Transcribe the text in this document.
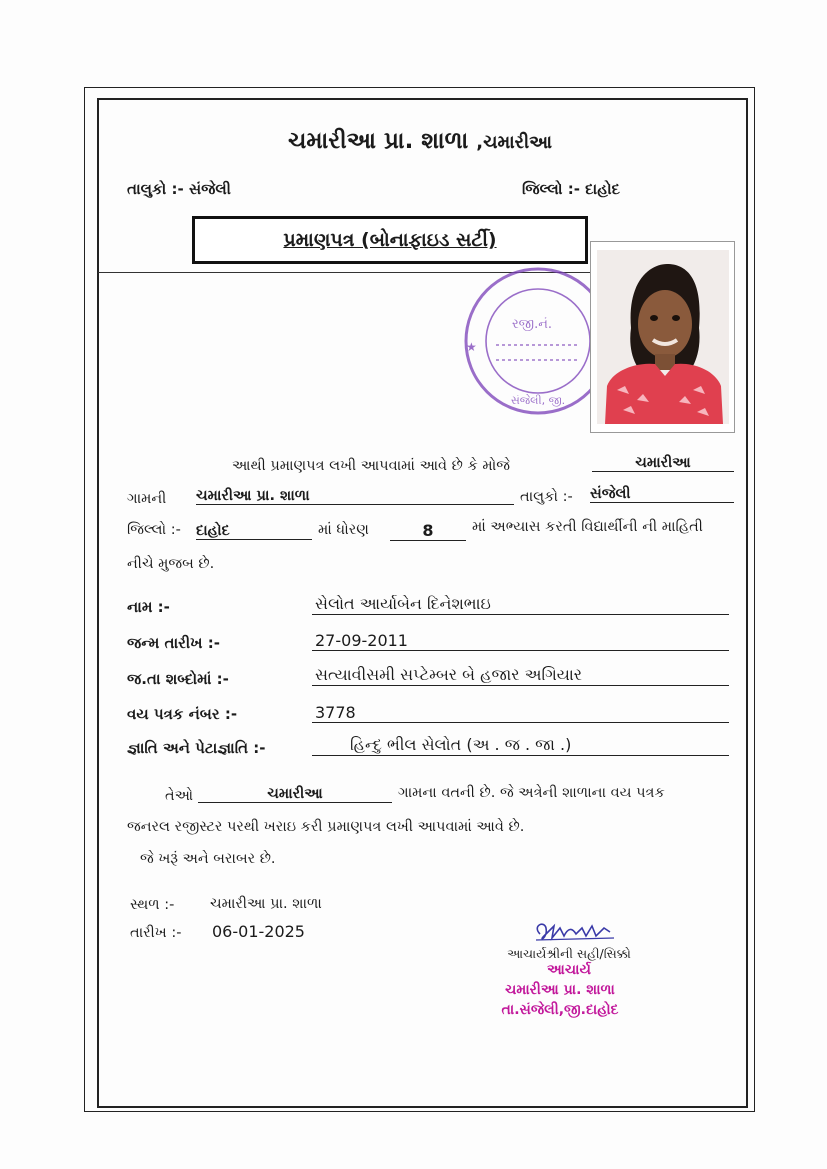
ચમારીઆ પ્રા. શાળા ,ચમારીઆ
તાલુકો :- સંજેલી	જિલ્લો :- દાહોદ
પ્રમાણપત્ર (બોનાફાઇડ સર્ટી)
રજી.નં.
સંજેલી, જી.
★
આથી પ્રમાણપત્ર લખી આપવામાં આવે છે કે મોજે	ચમારીઆ
ગામની ચમારીઆ પ્રા. શાળા	તાલુકો :- સંજેલી
જિલ્લો :- દાહોદ	માં ધોરણ	8	માં અભ્યાસ કરતી વિદ્યાર્થીની ની માહિતી
નીચે મુજબ છે.
નામ :-	સેલોત આર્યાબેન દિનેશભાઇ
જન્મ તારીખ :-	27-09-2011
જ.તા શબ્દોમાં :-	સત્યાવીસમી સપ્ટેમ્બર બે હજાર અગિયાર
વય પત્રક નંબર :-	3778
જ્ઞાતિ અને પેટાજ્ઞાતિ :-	હિન્દુ ભીલ સેલોત (અ . જ . જા .)
તેઓ	ચમારીઆ	ગામના વતની છે. જે અત્રેની શાળાના વય પત્રક
જનરલ રજીસ્ટર પરથી ખરાઇ કરી પ્રમાણપત્ર લખી આપવામાં આવે છે.
જે ખરૂં અને બરાબર છે.
સ્થળ :- ચમારીઆ પ્રા. શાળા
તારીખ :- 06-01-2025
આચાર્યશ્રીની સહી/સિક્કો
આચાર્ય
ચમારીઆ પ્રા. શાળા
તા.સંજેલી,જી.દાહોદ
